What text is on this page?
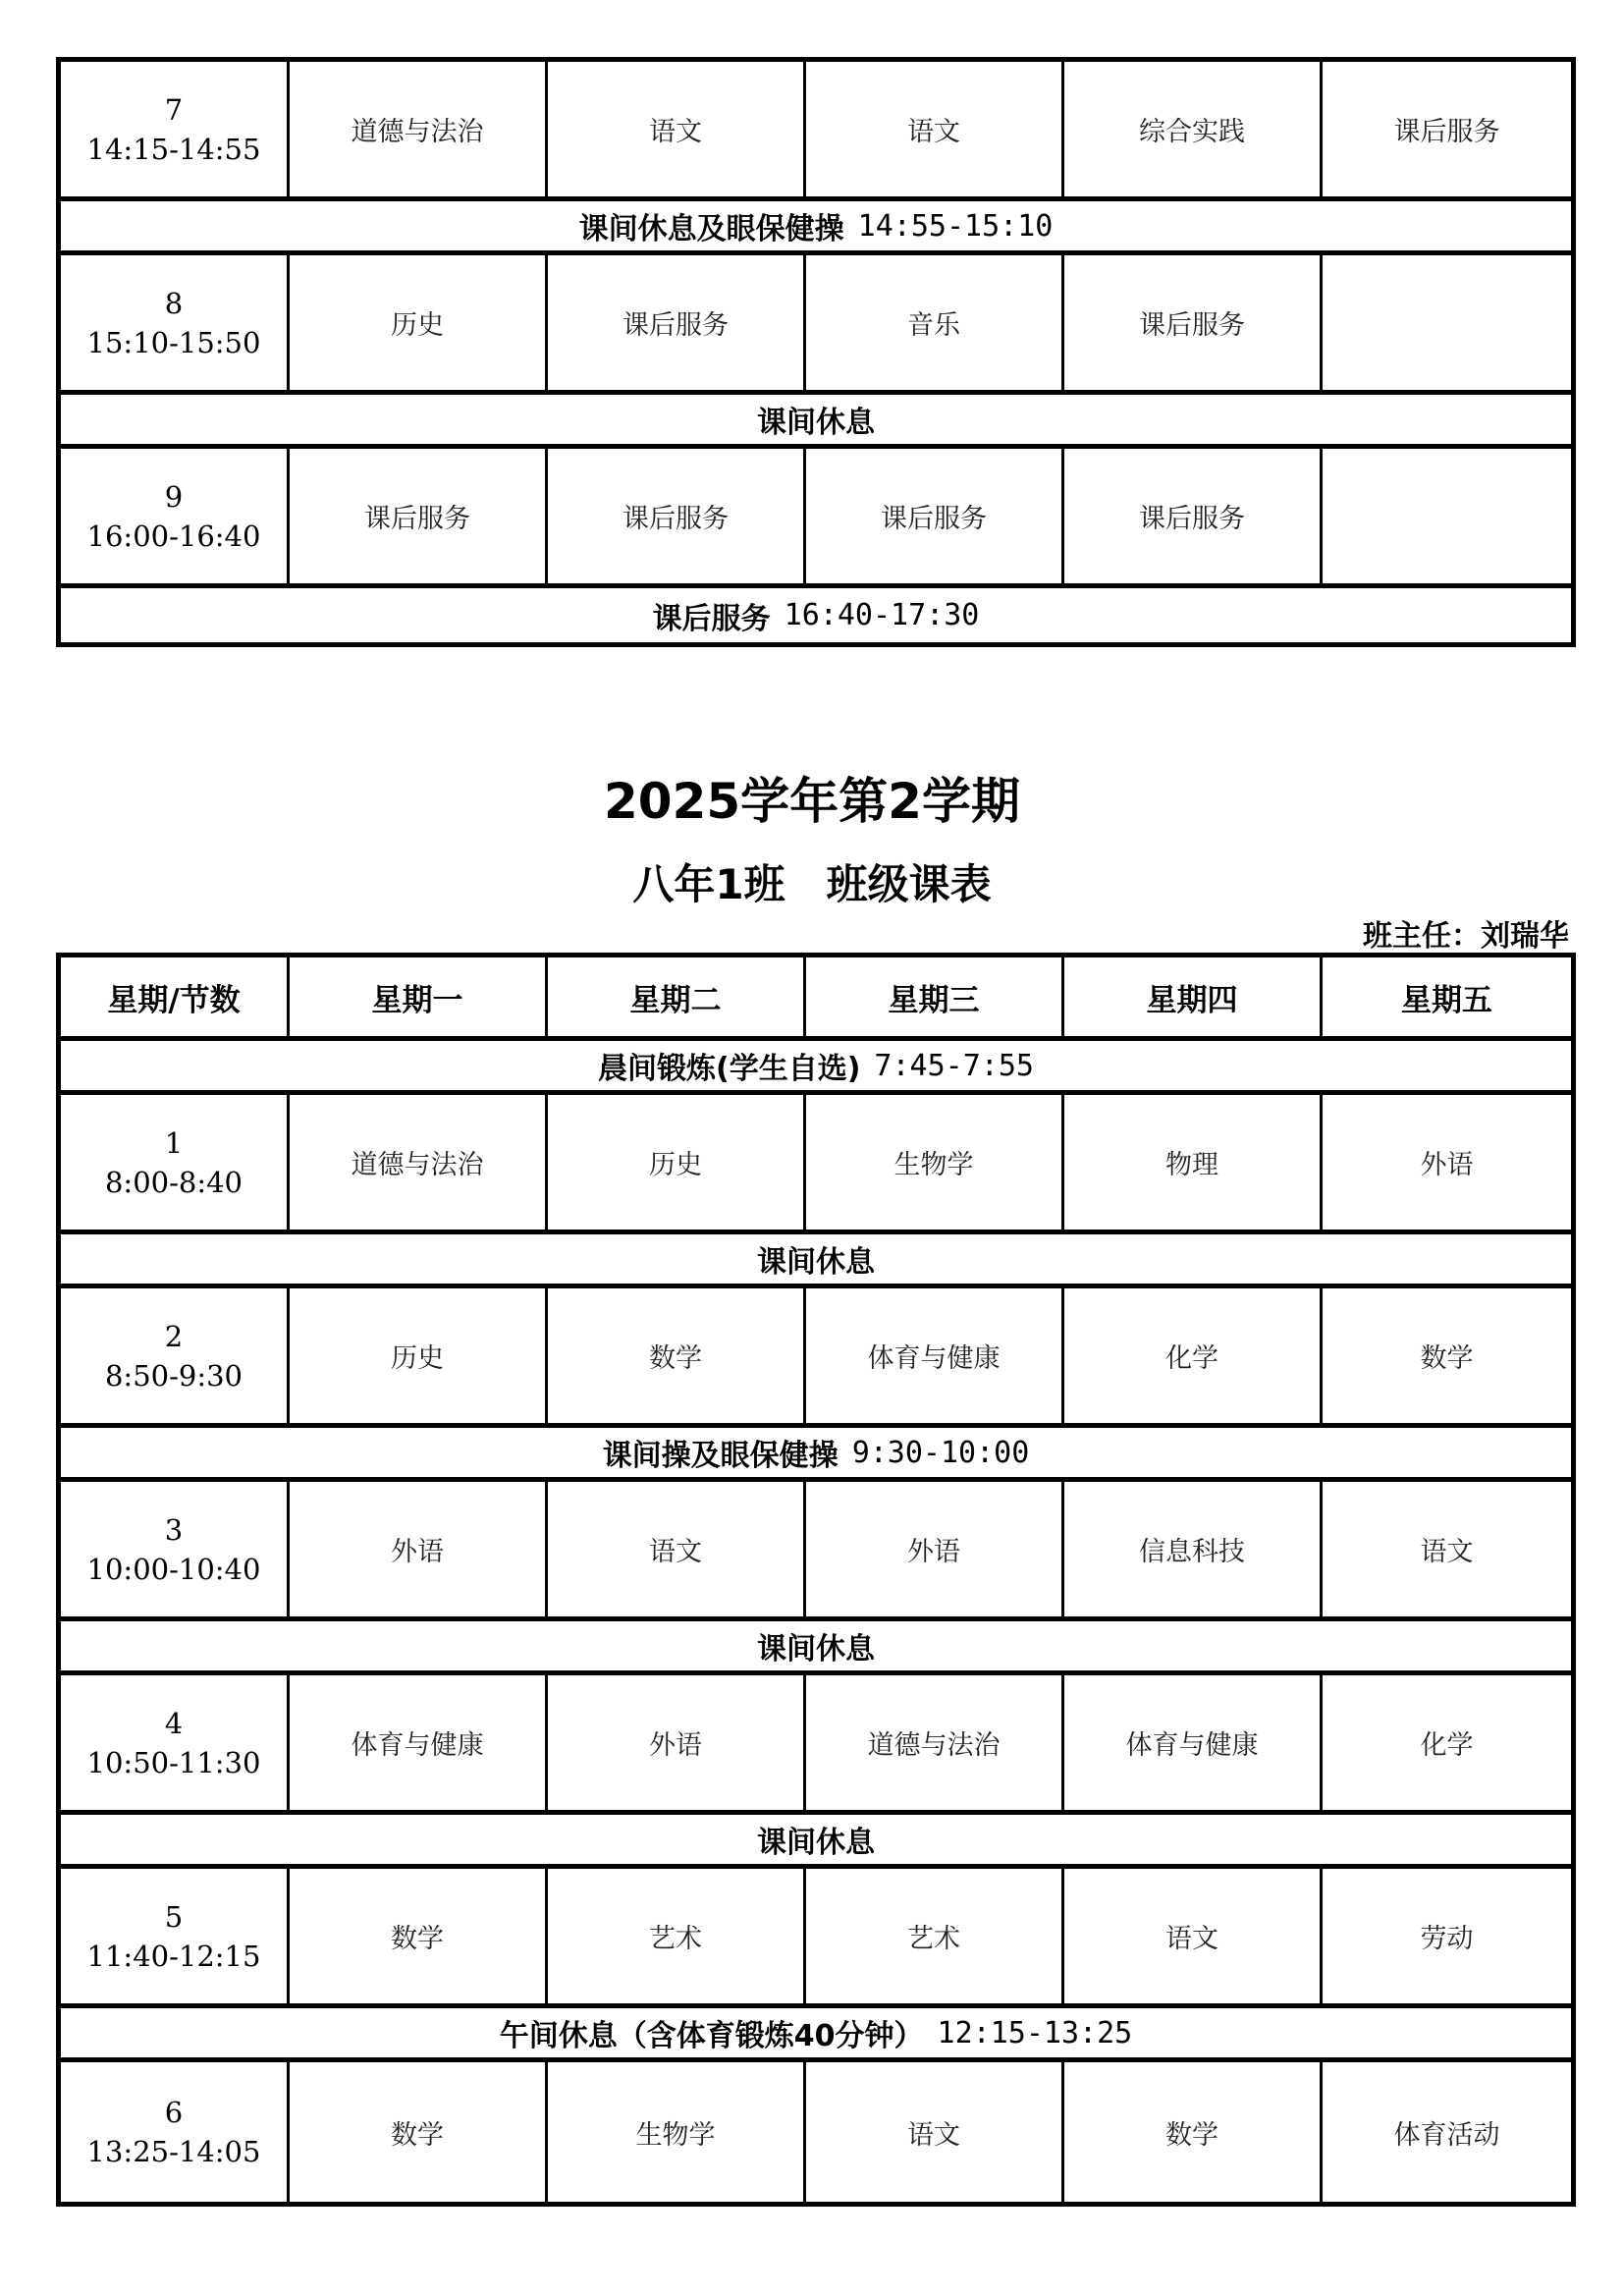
7
14:15-14:55	道德与法治	语文	语文	综合实践	课后服务
课间休息及眼保健操 14:55-15:10
8
15:10-15:50	历史	课后服务	音乐	课后服务
课间休息
9
16:00-16:40	课后服务	课后服务	课后服务	课后服务
课后服务 16:40-17:30
2025学年第2学期
八年1班　班级课表
班主任：刘瑞华
星期/节数	星期一	星期二	星期三	星期四	星期五
晨间锻炼(学生自选) 7:45-7:55
1
8:00-8:40	道德与法治	历史	生物学	物理	外语
课间休息
2
8:50-9:30	历史	数学	体育与健康	化学	数学
课间操及眼保健操 9:30-10:00
3
10:00-10:40	外语	语文	外语	信息科技	语文
课间休息
4
10:50-11:30	体育与健康	外语	道德与法治	体育与健康	化学
课间休息
5
11:40-12:15	数学	艺术	艺术	语文	劳动
午间休息（含体育锻炼40分钟） 12:15-13:25
6
13:25-14:05	数学	生物学	语文	数学	体育活动
